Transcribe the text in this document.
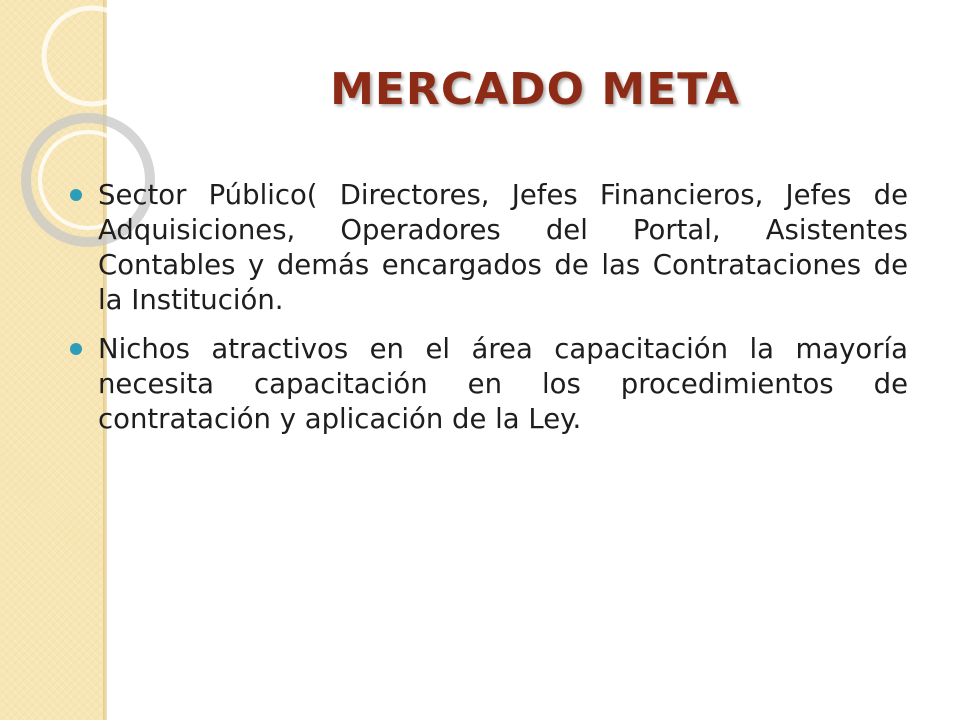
MERCADO META
Sector Público( Directores, Jefes Financieros, Jefes de Adquisiciones, Operadores del Portal, Asistentes Contables y demás encargados de las Contrataciones de la Institución.
Nichos atractivos en el área capacitación la mayoría necesita capacitación en los procedimientos de contratación y aplicación de la Ley.
